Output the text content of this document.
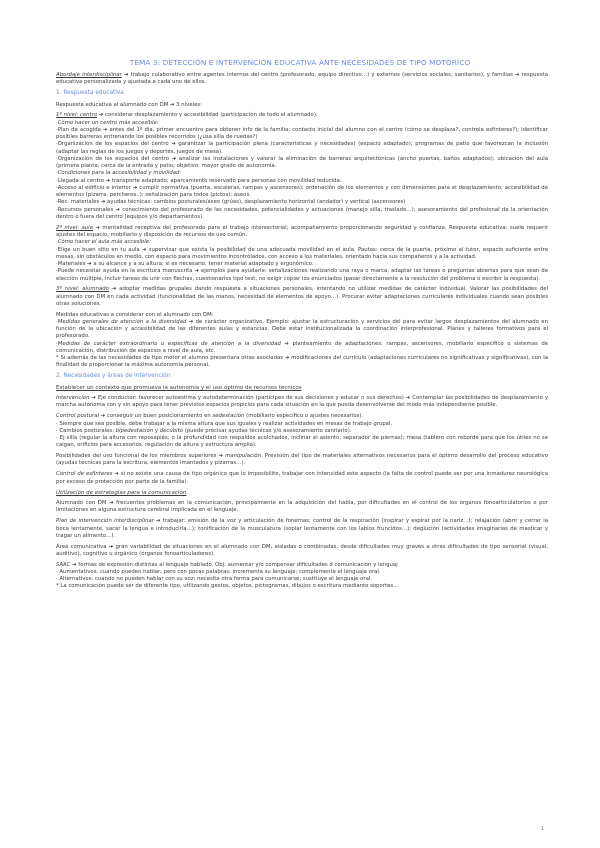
TEMA 3: DETECCIÓN E INTERVENCIÓN EDUCATIVA ANTE NECESIDADES DE TIPO MOTÓRICO
Abordaje interdisciplinar ➔ trabajo colaborativo entre agentes internos del centro (profesorado, equipo directivo…) y externos (servicios sociales, sanitarios), y familias ➔ respuesta educativa personalizada y ajustada a cada uno de ellos.
1. Respuesta educativa
Respuesta educativa al alumnado con DM ➔ 3 niveles:
1º nivel: centro ➔ considerar desplazamiento y accesibilidad (participación de todo el alumnado).
·Cómo hacer un centro más accesible:
·Plan de acogida ➔ antes del 1º día, primer encuentro para obtener info de la familia; contacto inicial del alumno con el centro (cómo se desplaza?, controla esfínteres?); identificar posibles barreras entrenando los posibles recorridos (¿usa silla de ruedas?)
·Organización de los espacios del centro ➔ garantizar la participación plena (características y necesidades) (espacio adaptado); programas de patio que favorezcan la inclusión (adaptar las reglas de los juegos y deportes, juegos de mesa).
·Organización de los espacios del centro ➔ analizar las instalaciones y valorar la eliminación de barreras arquitectónicas (ancho puertas, baños adaptados); ubicación del aula (primera planta, cerca de la entrada y patio; objetivo: mayor grado de autonomía.
·Condiciones para la accesibilidad y movilidad:
·Llegada al centro ➔ transporte adaptado; aparcamiento reservado para personas con movilidad reducida.
·Acceso al edificio e interior ➔ cumplir normativa (puerta, escaleras, rampas y ascensores); ordenación de los elementos y con dimensiones para el desplazamiento; accesibilidad de elementos (pizarra, percheros..); señalización para todos (pictos); aseos.
·Rec. materiales ➔ ayudas técnicas: cambios posturales/aseo (grúas), desplazamiento horizontal (andador) y vertical (ascensores)
·Recursos personales ➔ conocimiento del profesorado de las necesidades, potencialidades y actuaciones (manejo silla, traslado…); asesoramiento del profesional de la orientación dentro o fuera del centro (equipos y/o departamentos).
2º nivel: aula ➔ mentalidad receptiva del profesorado para el trabajo intersectorial; acompañamiento proporcionando seguridad y confianza. Respuesta educativa: suele requerir ajustes del espacio, mobiliario y disposición de recursos de uso común.
·Cómo hacer el aula más accesible:
·Elige un buen sitio en tu aula ➔ supervisar que exista la posibilidad de una adecuada movilidad en el aula. Pautas: cerca de la puerta, próximo al tutor, espacio suficiente entre mesas, sin obstáculos en medio, con espacio para movimientos incontrolados, con acceso a los materiales, orientado hacia sus compañeros y a la actividad.
·Materiales ➔ a su alcance y a su altura; si es necesario, tener material adaptado y ergonómico.
·Puede necesitar ayuda en la escritura manuscrita ➔ ejemplos para ayudarle: señalizaciones realizando una raya o marca, adaptar las tareas o preguntas abiertas para que sean de elección múltiple, incluir tareas de unir con flechas, cuestionarios tipo test, no exigir copiar los enunciados (pasar directamente a la resolución del problema o escribir la respuesta).
3º nivel: alumnado ➔ adoptar medidas grupales dando respuesta a situaciones personales, intentando no utilizar medidas de carácter individual. Valorar las posibilidades del alumnado con DM en cada actividad (funcionalidad de las manos, necesidad de elementos de apoyo…). Procurar evitar adaptaciones curriculares individuales cuando sean posibles otras soluciones.
Medidas educativas a considerar con el alumnado con DM:
·Medidas generales de atención a la diversidad ➔ de carácter organizativo. Ejemplo: ajustar la estructuración y servicios del para evitar largos desplazamientos del alumnado en función de la ubicación y accesibilidad de las diferentes aulas y estancias. Debe estar institucionalizada la coordinación interprofesional. Planes y talleres formativos para el profesorado.
·Medidas de carácter extraordinario o específicas de atención a la diversidad ➔ planteamiento de adaptaciones: rampas, ascensores, mobiliario específico o sistemas de comunicación, distribución de espacios a nivel de aula, etc.
* Si además de las necesidades de tipo motor el alumno presentara otras asociadas ➔ modificaciones del currículo (adaptaciones curriculares no significativas y significativas), con la finalidad de proporcionar la máxima autonomía personal.
2. Necesidades y áreas de intervención
Establecer un contexto que promueva la autonomía y el uso óptimo de recursos técnicos
Intervención ➔ Eje conductor: favorecer autoestima y autodeterminación (participes de sus decisiones y educar n sus derechos) ➔ Contemplar las posibilidades de desplazamiento y marcha autónoma con y sin apoyo para tener previstos espacios propicios para cada situación en la que pueda desenvolverse del modo más independiente posible.
Control postural ➔ conseguir un buen posicionamiento en sedestación (mobiliario específico o ajustes necesarios).
· Siempre que sea posible, debe trabajar a la misma altura que sus iguales y realizar actividades en mesas de trabajo grupal.
· Cambios posturales: bipedestación y decúbito (puede precisar ayudas técnicas y/o asesoramiento sanitario).
· Ej silla (regular la altura con reposapiés, o la profundidad con respaldos acolchados, inclinar el asiento, separador de piernas); mesa (tablero con reborde para que los útiles no se caigan, orificios para accesorios, regulación de altura y estructura amplia).
Posibilidades del uso funcional de los miembros superiores ➔ manipulación. Previsión del tipo de materiales alternativos necesarios para el óptimo desarrollo del proceso educativo (ayudas técnicas para la escritura, elementos imantados y pizarras…).
Control de esfínteres ➔ si no existe una causa de tipo orgánico que lo imposibilite, trabajar con intensidad este aspecto (la falta de control puede ser por una inmadurez neurológica por exceso de protección por parte de la familia).
Utilización de estrategias para la comunicación
Alumnado con DM ➔ frecuentes problemas en la comunicación, principalmente en la adquisición del habla, por dificultades en el control de los órganos fonoarticulatorios o por limitaciones en alguna estructura cerebral implicada en el lenguaje.
Plan de intervención interdisciplinar ➔ trabajar: emisión de la voz y articulación de fonemas; control de la respiración (inspirar y espirar por la nariz…); relajación (abrir y cerrar la boca lentamente, sacar la lengua e introducirla…); tonificación de la musculatura (soplar lentamente con los labios fruncidos…); deglución (actividades imaginarias de masticar y tragar un alimento…).
Área comunicativa ➔ gran variabilidad de situaciones en el alumnado con DM, aisladas o combinadas, desde dificultades muy graves a otras dificultades de tipo sensorial (visual, auditivo), cognitivo u orgánico (órganos fonoarticuladores).
SAAC ➔ formas de expresión distintas al lenguaje hablado. Obj: aumentar y/o compensar dificultades d comunicación y lenguaj
· Aumentativos: cuando pueden hablar, pero con pocas palabras; incrementa su lenguaje; complementa el lenguaje oral.
· Alternativos: cuando no pueden hablar con su voz; necesita otra forma para comunicarse; sustituye el lenguaje oral.
* La comunicación puede ser de diferente tipo, utilizando gestos, objetos, pictogramas, dibujos o escritura mediante soportes…
1
